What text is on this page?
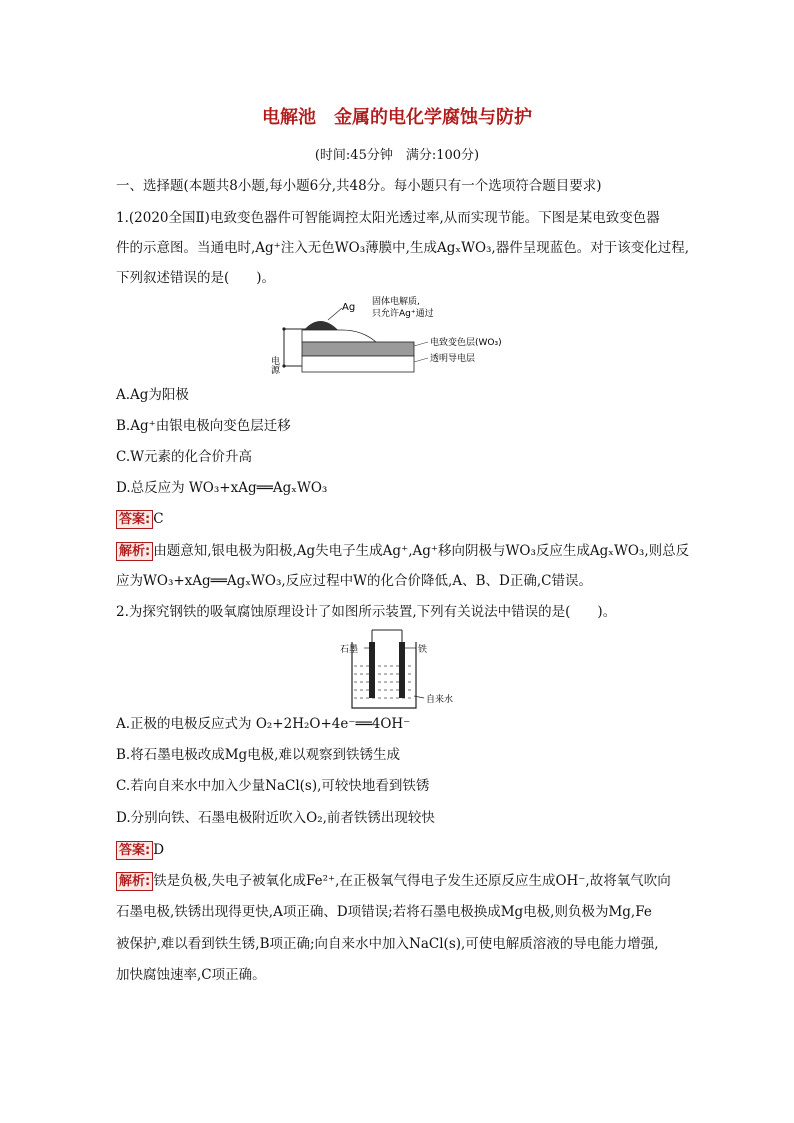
电解池　金属的电化学腐蚀与防护
(时间:45分钟　满分:100分)
一、选择题(本题共8小题,每小题6分,共48分。每小题只有一个选项符合题目要求)
1.(2020全国Ⅱ)电致变色器件可智能调控太阳光透过率,从而实现节能。下图是某电致变色器
件的示意图。当通电时,Ag⁺注入无色WO₃薄膜中,生成AgₓWO₃,器件呈现蓝色。对于该变化过程,
下列叙述错误的是(　　)。
电源
Ag 固体电解质,
只允许Ag⁺通过
电致变色层(WO₃)
透明导电层
A.Ag为阳极
B.Ag⁺由银电极向变色层迁移
C.W元素的化合价升高
D.总反应为 WO₃+xAg══AgₓWO₃
答案: C
解析: 由题意知,银电极为阳极,Ag失电子生成Ag⁺,Ag⁺移向阴极与WO₃反应生成AgₓWO₃,则总反
应为WO₃+xAg══AgₓWO₃,反应过程中W的化合价降低,A、B、D正确,C错误。
2.为探究钢铁的吸氧腐蚀原理设计了如图所示装置,下列有关说法中错误的是(　　)。
石墨	铁
自来水
A.正极的电极反应式为 O₂+2H₂O+4e⁻══4OH⁻
B.将石墨电极改成Mg电极,难以观察到铁锈生成
C.若向自来水中加入少量NaCl(s),可较快地看到铁锈
D.分别向铁、石墨电极附近吹入O₂,前者铁锈出现较快
答案: D
解析: 铁是负极,失电子被氧化成Fe²⁺,在正极氧气得电子发生还原反应生成OH⁻,故将氧气吹向
石墨电极,铁锈出现得更快,A项正确、D项错误;若将石墨电极换成Mg电极,则负极为Mg,Fe
被保护,难以看到铁生锈,B项正确;向自来水中加入NaCl(s),可使电解质溶液的导电能力增强,
加快腐蚀速率,C项正确。
